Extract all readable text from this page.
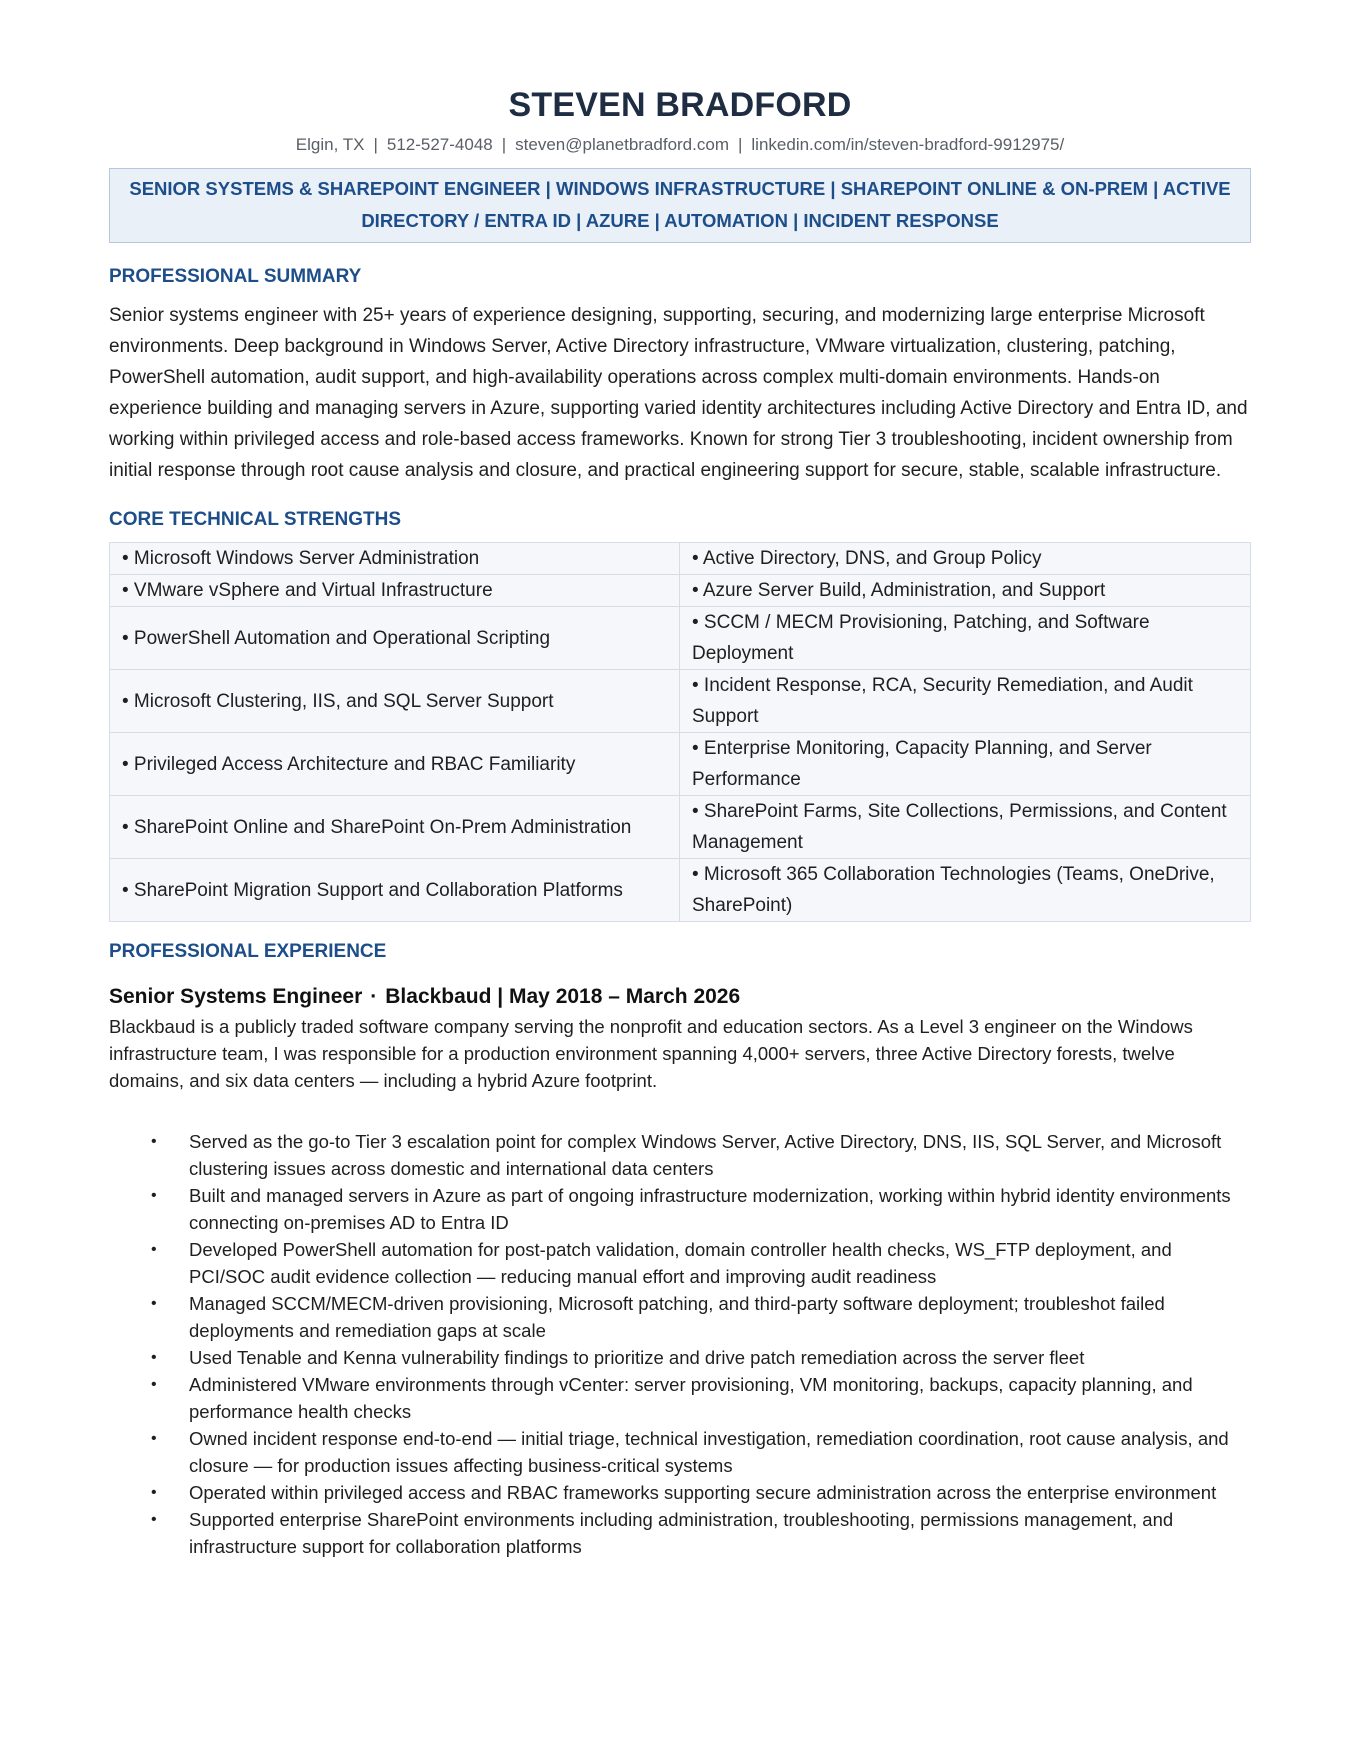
STEVEN BRADFORD
Elgin, TX | 512-527-4048 | steven@planetbradford.com | linkedin.com/in/steven-bradford-9912975/
SENIOR SYSTEMS & SHAREPOINT ENGINEER | WINDOWS INFRASTRUCTURE | SHAREPOINT ONLINE & ON-PREM | ACTIVE DIRECTORY / ENTRA ID | AZURE | AUTOMATION | INCIDENT RESPONSE
PROFESSIONAL SUMMARY
Senior systems engineer with 25+ years of experience designing, supporting, securing, and modernizing large enterprise Microsoft environments. Deep background in Windows Server, Active Directory infrastructure, VMware virtualization, clustering, patching, PowerShell automation, audit support, and high-availability operations across complex multi-domain environments. Hands-on experience building and managing servers in Azure, supporting varied identity architectures including Active Directory and Entra ID, and working within privileged access and role-based access frameworks. Known for strong Tier 3 troubleshooting, incident ownership from initial response through root cause analysis and closure, and practical engineering support for secure, stable, scalable infrastructure.
CORE TECHNICAL STRENGTHS
• Microsoft Windows Server Administration	• Active Directory, DNS, and Group Policy
• VMware vSphere and Virtual Infrastructure	• Azure Server Build, Administration, and Support
• PowerShell Automation and Operational Scripting	• SCCM / MECM Provisioning, Patching, and Software Deployment
• Microsoft Clustering, IIS, and SQL Server Support	• Incident Response, RCA, Security Remediation, and Audit Support
• Privileged Access Architecture and RBAC Familiarity	• Enterprise Monitoring, Capacity Planning, and Server Performance
• SharePoint Online and SharePoint On-Prem Administration	• SharePoint Farms, Site Collections, Permissions, and Content Management
• SharePoint Migration Support and Collaboration Platforms	• Microsoft 365 Collaboration Technologies (Teams, OneDrive, SharePoint)
PROFESSIONAL EXPERIENCE
Senior Systems Engineer · Blackbaud | May 2018 – March 2026
Blackbaud is a publicly traded software company serving the nonprofit and education sectors. As a Level 3 engineer on the Windows infrastructure team, I was responsible for a production environment spanning 4,000+ servers, three Active Directory forests, twelve domains, and six data centers — including a hybrid Azure footprint.
• Served as the go-to Tier 3 escalation point for complex Windows Server, Active Directory, DNS, IIS, SQL Server, and Microsoft clustering issues across domestic and international data centers
• Built and managed servers in Azure as part of ongoing infrastructure modernization, working within hybrid identity environments connecting on-premises AD to Entra ID
• Developed PowerShell automation for post-patch validation, domain controller health checks, WS_FTP deployment, and PCI/SOC audit evidence collection — reducing manual effort and improving audit readiness
• Managed SCCM/MECM-driven provisioning, Microsoft patching, and third-party software deployment; troubleshot failed deployments and remediation gaps at scale
• Used Tenable and Kenna vulnerability findings to prioritize and drive patch remediation across the server fleet
• Administered VMware environments through vCenter: server provisioning, VM monitoring, backups, capacity planning, and performance health checks
• Owned incident response end-to-end — initial triage, technical investigation, remediation coordination, root cause analysis, and closure — for production issues affecting business-critical systems
• Operated within privileged access and RBAC frameworks supporting secure administration across the enterprise environment
• Supported enterprise SharePoint environments including administration, troubleshooting, permissions management, and infrastructure support for collaboration platforms
